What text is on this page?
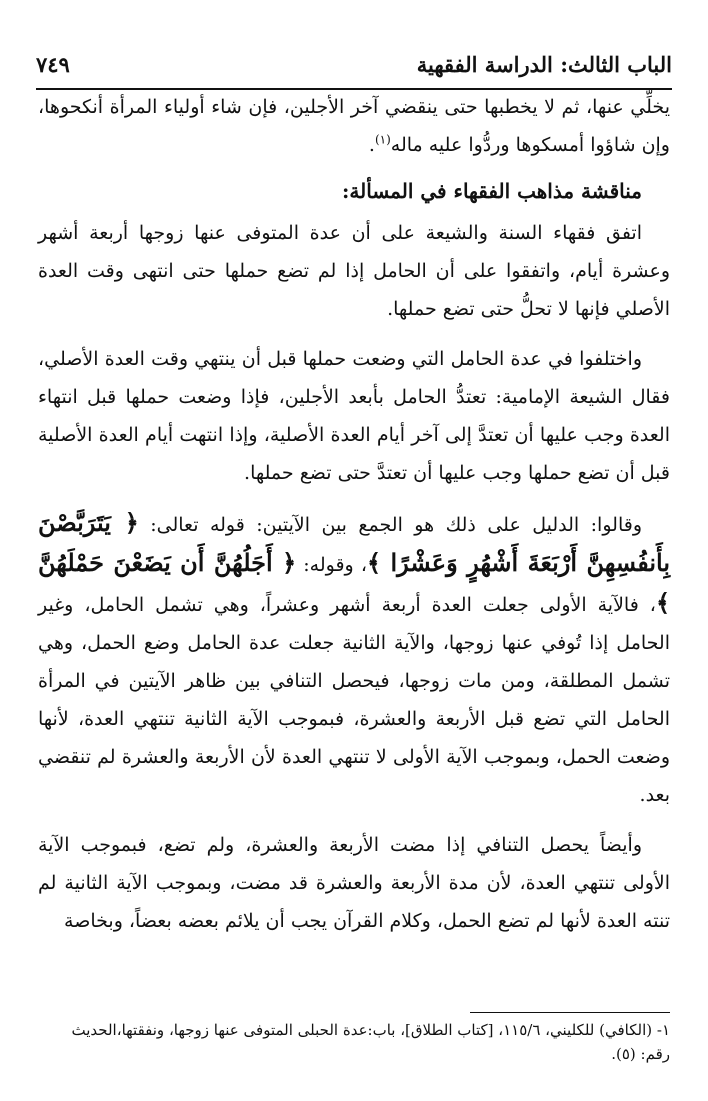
الباب الثالث: الدراسة الفقهية
٧٤٩

يخلِّي عنها، ثم لا يخطبها حتى ينقضي آخر الأجلين، فإن شاء أولياء المرأة أنكحوها، وإن شاؤوا أمسكوها وردُّوا عليه ماله$^{(١)}$.

مناقشة مذاهب الفقهاء في المسألة:

اتفق فقهاء السنة والشيعة على أن عدة المتوفى عنها زوجها أربعة أشهر وعشرة أيام، واتفقوا على أن الحامل إذا لم تضع حملها حتى انتهى وقت العدة الأصلي فإنها لا تحلُّ حتى تضع حملها.

واختلفوا في عدة الحامل التي وضعت حملها قبل أن ينتهي وقت العدة الأصلي، فقال الشيعة الإمامية: تعتدُّ الحامل بأبعد الأجلين، فإذا وضعت حملها قبل انتهاء العدة وجب عليها أن تعتدَّ إلى آخر أيام العدة الأصلية، وإذا انتهت أيام العدة الأصلية قبل أن تضع حملها وجب عليها أن تعتدَّ حتى تضع حملها.

وقالوا: الدليل على ذلك هو الجمع بين الآيتين: قوله تعالى: ﴿ يَتَرَبَّصْنَ بِأَنفُسِهِنَّ أَرْبَعَةَ أَشْهُرٍ وَعَشْرًا ﴾، وقوله: ﴿ أَجَلُهُنَّ أَن يَضَعْنَ حَمْلَهُنَّ ﴾، فالآية الأولى جعلت العدة أربعة أشهر وعشراً، وهي تشمل الحامل، وغير الحامل إذا تُوفي عنها زوجها، والآية الثانية جعلت عدة الحامل وضع الحمل، وهي تشمل المطلقة، ومن مات زوجها، فيحصل التنافي بين ظاهر الآيتين في المرأة الحامل التي تضع قبل الأربعة والعشرة، فبموجب الآية الثانية تنتهي العدة، لأنها وضعت الحمل، وبموجب الآية الأولى لا تنتهي العدة لأن الأربعة والعشرة لم تنقضي بعد.

وأيضاً يحصل التنافي إذا مضت الأربعة والعشرة، ولم تضع، فبموجب الآية الأولى تنتهي العدة، لأن مدة الأربعة والعشرة قد مضت، وبموجب الآية الثانية لم تنته العدة لأنها لم تضع الحمل، وكلام القرآن يجب أن يلائم بعضه بعضاً، وبخاصة

١- (الكافي) للكليني، ١١٥/٦، [كتاب الطلاق]، باب:عدة الحبلى المتوفى عنها زوجها، ونفقتها،الحديث رقم: (٥).
